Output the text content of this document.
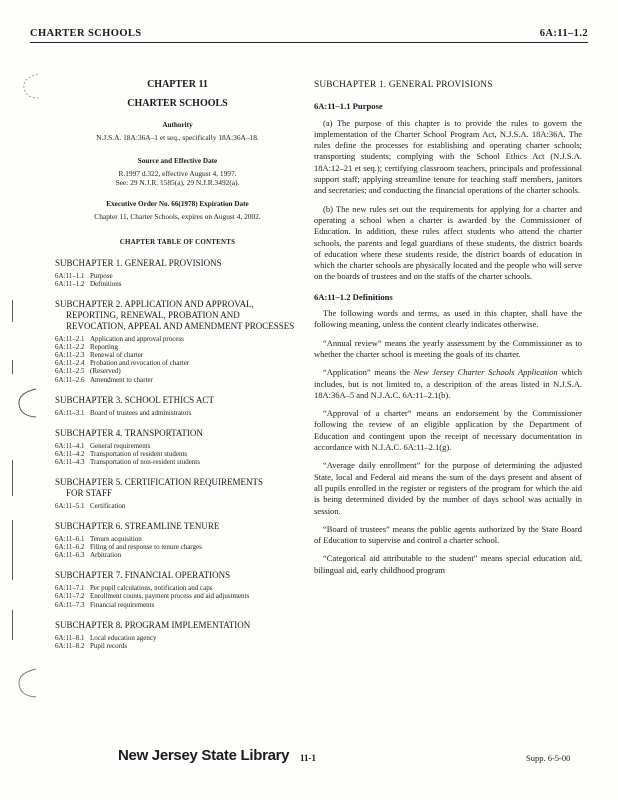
CHARTER SCHOOLS	6A:11–1.2
CHAPTER 11
CHARTER SCHOOLS
Authority
N.J.S.A. 18A:36A–1 et seq., specifically 18A:36A–18.
Source and Effective Date
R.1997 d.322, effective August 4, 1997.
See: 29 N.J.R. 1585(a), 29 N.J.R.3492(a).
Executive Order No. 66(1978) Expiration Date
Chapter 11, Charter Schools, expires on August 4, 2002.
CHAPTER TABLE OF CONTENTS
SUBCHAPTER 1. GENERAL PROVISIONS
6A:11–1.1 Purpose
6A:11–1.2 Definitions
SUBCHAPTER 2. APPLICATION AND APPROVAL,
REPORTING, RENEWAL, PROBATION AND
REVOCATION, APPEAL AND AMENDMENT PROCESSES
6A:11–2.1 Application and approval process
6A:11–2.2 Reporting
6A:11–2.3 Renewal of charter
6A:11–2.4 Probation and revocation of charter
6A:11–2.5 (Reserved)
6A:11–2.6 Amendment to charter
SUBCHAPTER 3. SCHOOL ETHICS ACT
6A:11–3.1 Board of trustees and administrators
SUBCHAPTER 4. TRANSPORTATION
6A:11–4.1 General requirements
6A:11–4.2 Transportation of resident students
6A:11–4.3 Transportation of non-resident students
SUBCHAPTER 5. CERTIFICATION REQUIREMENTS
FOR STAFF
6A:11–5.1 Certification
SUBCHAPTER 6. STREAMLINE TENURE
6A:11–6.1 Tenure acquisition
6A:11–6.2 Filing of and response to tenure charges
6A:11–6.3 Arbitration
SUBCHAPTER 7. FINANCIAL OPERATIONS
6A:11–7.1 Per pupil calculations, notification and caps
6A:11–7.2 Enrollment counts, payment process and aid adjustments
6A:11–7.3 Financial requirements
SUBCHAPTER 8. PROGRAM IMPLEMENTATION
6A:11–8.1 Local education agency
6A:11–8.2 Pupil records
SUBCHAPTER 1. GENERAL PROVISIONS
6A:11–1.1 Purpose
(a) The purpose of this chapter is to provide the rules to govern the implementation of the Charter School Program Act, N.J.S.A. 18A:36A. The rules define the processes for establishing and operating charter schools; transporting students; complying with the School Ethics Act (N.J.S.A. 18A:12–21 et seq.); certifying classroom teachers, principals and professional support staff; applying streamline tenure for teaching staff members, janitors and secretaries; and conducting the financial operations of the charter schools.
(b) The new rules set out the requirements for applying for a charter and operating a school when a charter is awarded by the Commissioner of Education. In addition, these rules affect students who attend the charter schools, the parents and legal guardians of these students, the district boards of education where these students reside, the district boards of education in which the charter schools are physically located and the people who will serve on the boards of trustees and on the staffs of the charter schools.
6A:11–1.2 Definitions
The following words and terms, as used in this chapter, shall have the following meaning, unless the content clearly indicates otherwise.
“Annual review” means the yearly assessment by the Commissioner as to whether the charter school is meeting the goals of its charter.
“Application” means the New Jersey Charter Schools Application which includes, but is not limited to, a description of the areas listed in N.J.S.A. 18A:36A–5 and N.J.A.C. 6A:11–2.1(b).
“Approval of a charter” means an endorsement by the Commissioner following the review of an eligible application by the Department of Education and contingent upon the receipt of necessary documentation in accordance with N.J.A.C. 6A:11–2.1(g).
“Average daily enrollment” for the purpose of determining the adjusted State, local and Federal aid means the sum of the days present and absent of all pupils enrolled in the register or registers of the program for which the aid is being determined divided by the number of days school was actually in session.
“Board of trustees” means the public agents authorized by the State Board of Education to supervise and control a charter school.
“Categorical aid attributable to the student” means special education aid, bilingual aid, early childhood program
New Jersey State Library 11-1	Supp. 6-5-00
